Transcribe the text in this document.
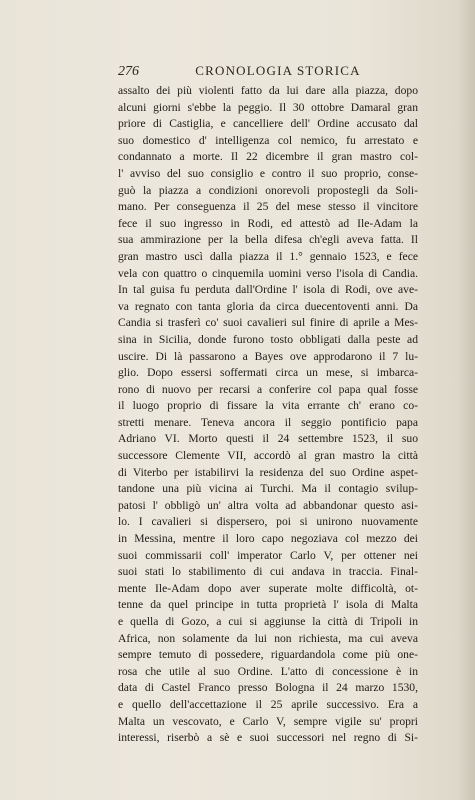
276	CRONOLOGIA STORICA
assalto dei più violenti fatto da lui dare alla piazza, dopo
alcuni giorni s'ebbe la peggio. Il 30 ottobre Damaral gran
priore di Castiglia, e cancelliere dell' Ordine accusato dal
suo domestico d' intelligenza col nemico, fu arrestato e
condannato a morte. Il 22 dicembre il gran mastro col-
l' avviso del suo consiglio e contro il suo proprio, conse-
guò la piazza a condizioni onorevoli propostegli da Soli-
mano. Per conseguenza il 25 del mese stesso il vincitore
fece il suo ingresso in Rodi, ed attestò ad Ile-Adam la
sua ammirazione per la bella difesa ch'egli aveva fatta. Il
gran mastro uscì dalla piazza il 1.° gennaio 1523, e fece
vela con quattro o cinquemila uomini verso l'isola di Candia.
In tal guisa fu perduta dall'Ordine l' isola di Rodi, ove ave-
va regnato con tanta gloria da circa duecentoventi anni. Da
Candia si trasferì co' suoi cavalieri sul finire di aprile a Mes-
sina in Sicilia, donde furono tosto obbligati dalla peste ad
uscire. Di là passarono a Bayes ove approdarono il 7 lu-
glio. Dopo essersi soffermati circa un mese, si imbarca-
rono di nuovo per recarsi a conferire col papa qual fosse
il luogo proprio di fissare la vita errante ch' erano co-
stretti menare. Teneva ancora il seggio pontificio papa
Adriano VI. Morto questi il 24 settembre 1523, il suo
successore Clemente VII, accordò al gran mastro la città
di Viterbo per istabilirvi la residenza del suo Ordine aspet-
tandone una più vicina ai Turchi. Ma il contagio svilup-
patosi l' obbligò un' altra volta ad abbandonar questo asi-
lo. I cavalieri si dispersero, poi si unirono nuovamente
in Messina, mentre il loro capo negoziava col mezzo dei
suoi commissarii coll' imperator Carlo V, per ottener nei
suoi stati lo stabilimento di cui andava in traccia. Final-
mente Ile-Adam dopo aver superate molte difficoltà, ot-
tenne da quel principe in tutta proprietà l' isola di Malta
e quella di Gozo, a cui si aggiunse la città di Tripoli in
Africa, non solamente da lui non richiesta, ma cui aveva
sempre temuto di possedere, riguardandola come più one-
rosa che utile al suo Ordine. L'atto di concessione è in
data di Castel Franco presso Bologna il 24 marzo 1530,
e quello dell'accettazione il 25 aprile successivo. Era a
Malta un vescovato, e Carlo V, sempre vigile su' propri
interessi, riserbò a sè e suoi successori nel regno di Si-
